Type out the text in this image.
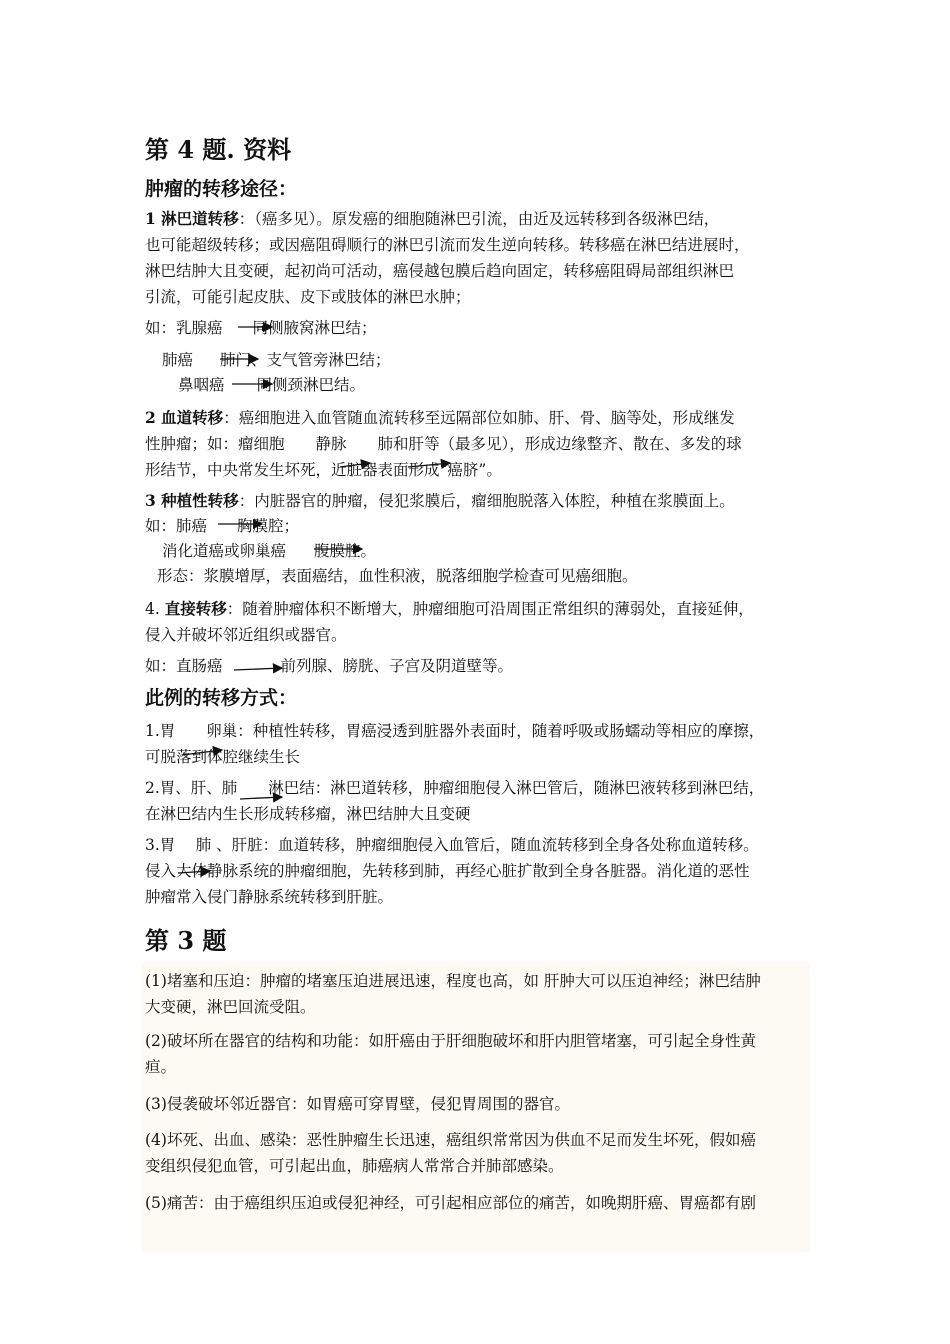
第 4 题. 资料
肿瘤的转移途径：
1 淋巴道转移：（癌多见）。原发癌的细胞随淋巴引流，由近及远转移到各级淋巴结，
也可能超级转移；或因癌阻碍顺行的淋巴引流而发生逆向转移。转移癌在淋巴结进展时，
淋巴结肿大且变硬，起初尚可活动，癌侵越包膜后趋向固定，转移癌阻碍局部组织淋巴
引流，可能引起皮肤、皮下或肢体的淋巴水肿；
如：乳腺癌 同侧腋窝淋巴结；
肺癌 肺门、支气管旁淋巴结；
鼻咽癌 同侧颈淋巴结。
2 血道转移：癌细胞进入血管随血流转移至远隔部位如肺、肝、骨、脑等处，形成继发
性肿瘤；如：瘤细胞　　静脉　　肺和肝等（最多见），形成边缘整齐、散在、多发的球
形结节，中央常发生坏死，近脏器表面形成“癌脐”。
3 种植性转移：内脏器官的肿瘤，侵犯浆膜后，瘤细胞脱落入体腔，种植在浆膜面上。
如：肺癌 胸膜腔；
消化道癌或卵巢癌 腹膜腔。
形态：浆膜增厚，表面癌结，血性积液，脱落细胞学检查可见癌细胞。
4. 直接转移：随着肿瘤体积不断增大，肿瘤细胞可沿周围正常组织的薄弱处，直接延伸，
侵入并破坏邻近组织或器官。
如：直肠癌	前列腺、膀胱、子宫及阴道壁等。
此例的转移方式：
1.胃　　卵巢：种植性转移，胃癌浸透到脏器外表面时，随着呼吸或肠蠕动等相应的摩擦，
可脱落到体腔继续生长
2.胃、肝、肺　　淋巴结：淋巴道转移，肿瘤细胞侵入淋巴管后，随淋巴液转移到淋巴结，
在淋巴结内生长形成转移瘤，淋巴结肿大且变硬
3.胃　 肺 、肝脏：血道转移，肿瘤细胞侵入血管后，随血流转移到全身各处称血道转移。
侵入大体静脉系统的肿瘤细胞，先转移到肺，再经心脏扩散到全身各脏器。消化道的恶性
肿瘤常入侵门静脉系统转移到肝脏。
第 3 题
(1)堵塞和压迫：肿瘤的堵塞压迫进展迅速，程度也高，如 肝肿大可以压迫神经；淋巴结肿
大变硬，淋巴回流受阻。
(2)破坏所在器官的结构和功能：如肝癌由于肝细胞破坏和肝内胆管堵塞，可引起全身性黄
疸。
(3)侵袭破坏邻近器官：如胃癌可穿胃壁，侵犯胃周围的器官。
(4)坏死、出血、感染：恶性肿瘤生长迅速，癌组织常常因为供血不足而发生坏死，假如癌
变组织侵犯血管，可引起出血，肺癌病人常常合并肺部感染。
(5)痛苦：由于癌组织压迫或侵犯神经，可引起相应部位的痛苦，如晚期肝癌、胃癌都有剧
